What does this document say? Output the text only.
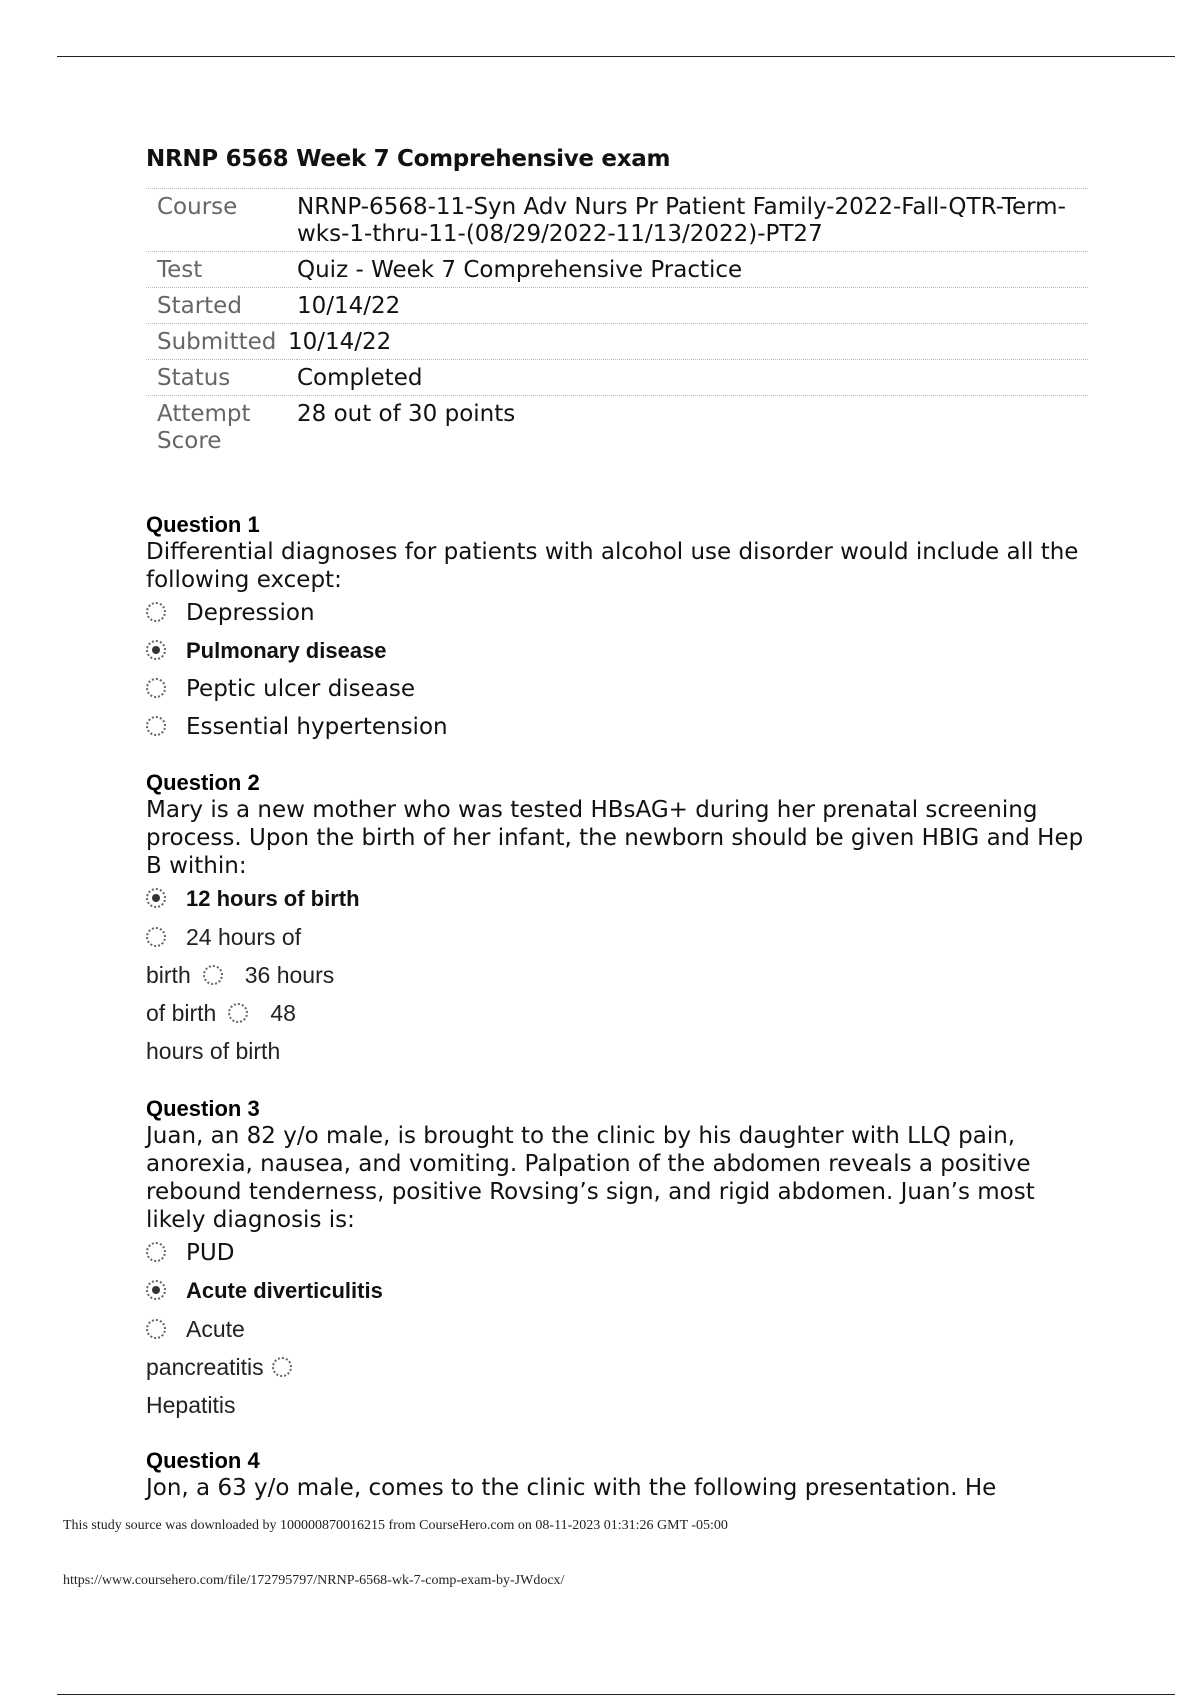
NRNP 6568 Week 7 Comprehensive exam
Course	NRNP-6568-11-Syn Adv Nurs Pr Patient Family-2022-Fall-QTR-Term-wks-1-thru-11-(08/29/2022-11/13/2022)-PT27
Test	Quiz - Week 7 Comprehensive Practice
Started	10/14/22
Submitted	10/14/22
Status	Completed
Attempt Score	28 out of 30 points
Question 1
Differential diagnoses for patients with alcohol use disorder would include all the following except:
Depression
Pulmonary disease
Peptic ulcer disease
Essential hypertension
Question 2
Mary is a new mother who was tested HBsAG+ during her prenatal screening process. Upon the birth of her infant, the newborn should be given HBIG and Hep B within:
12 hours of birth
24 hours of
birth 36 hours
of birth 48
hours of birth
Question 3
Juan, an 82 y/o male, is brought to the clinic by his daughter with LLQ pain, anorexia, nausea, and vomiting. Palpation of the abdomen reveals a positive rebound tenderness, positive Rovsing’s sign, and rigid abdomen. Juan’s most likely diagnosis is:
PUD
Acute diverticulitis
Acute
pancreatitis
Hepatitis
Question 4
Jon, a 63 y/o male, comes to the clinic with the following presentation. He
This study source was downloaded by 100000870016215 from CourseHero.com on 08-11-2023 01:31:26 GMT -05:00
https://www.coursehero.com/file/172795797/NRNP-6568-wk-7-comp-exam-by-JWdocx/
